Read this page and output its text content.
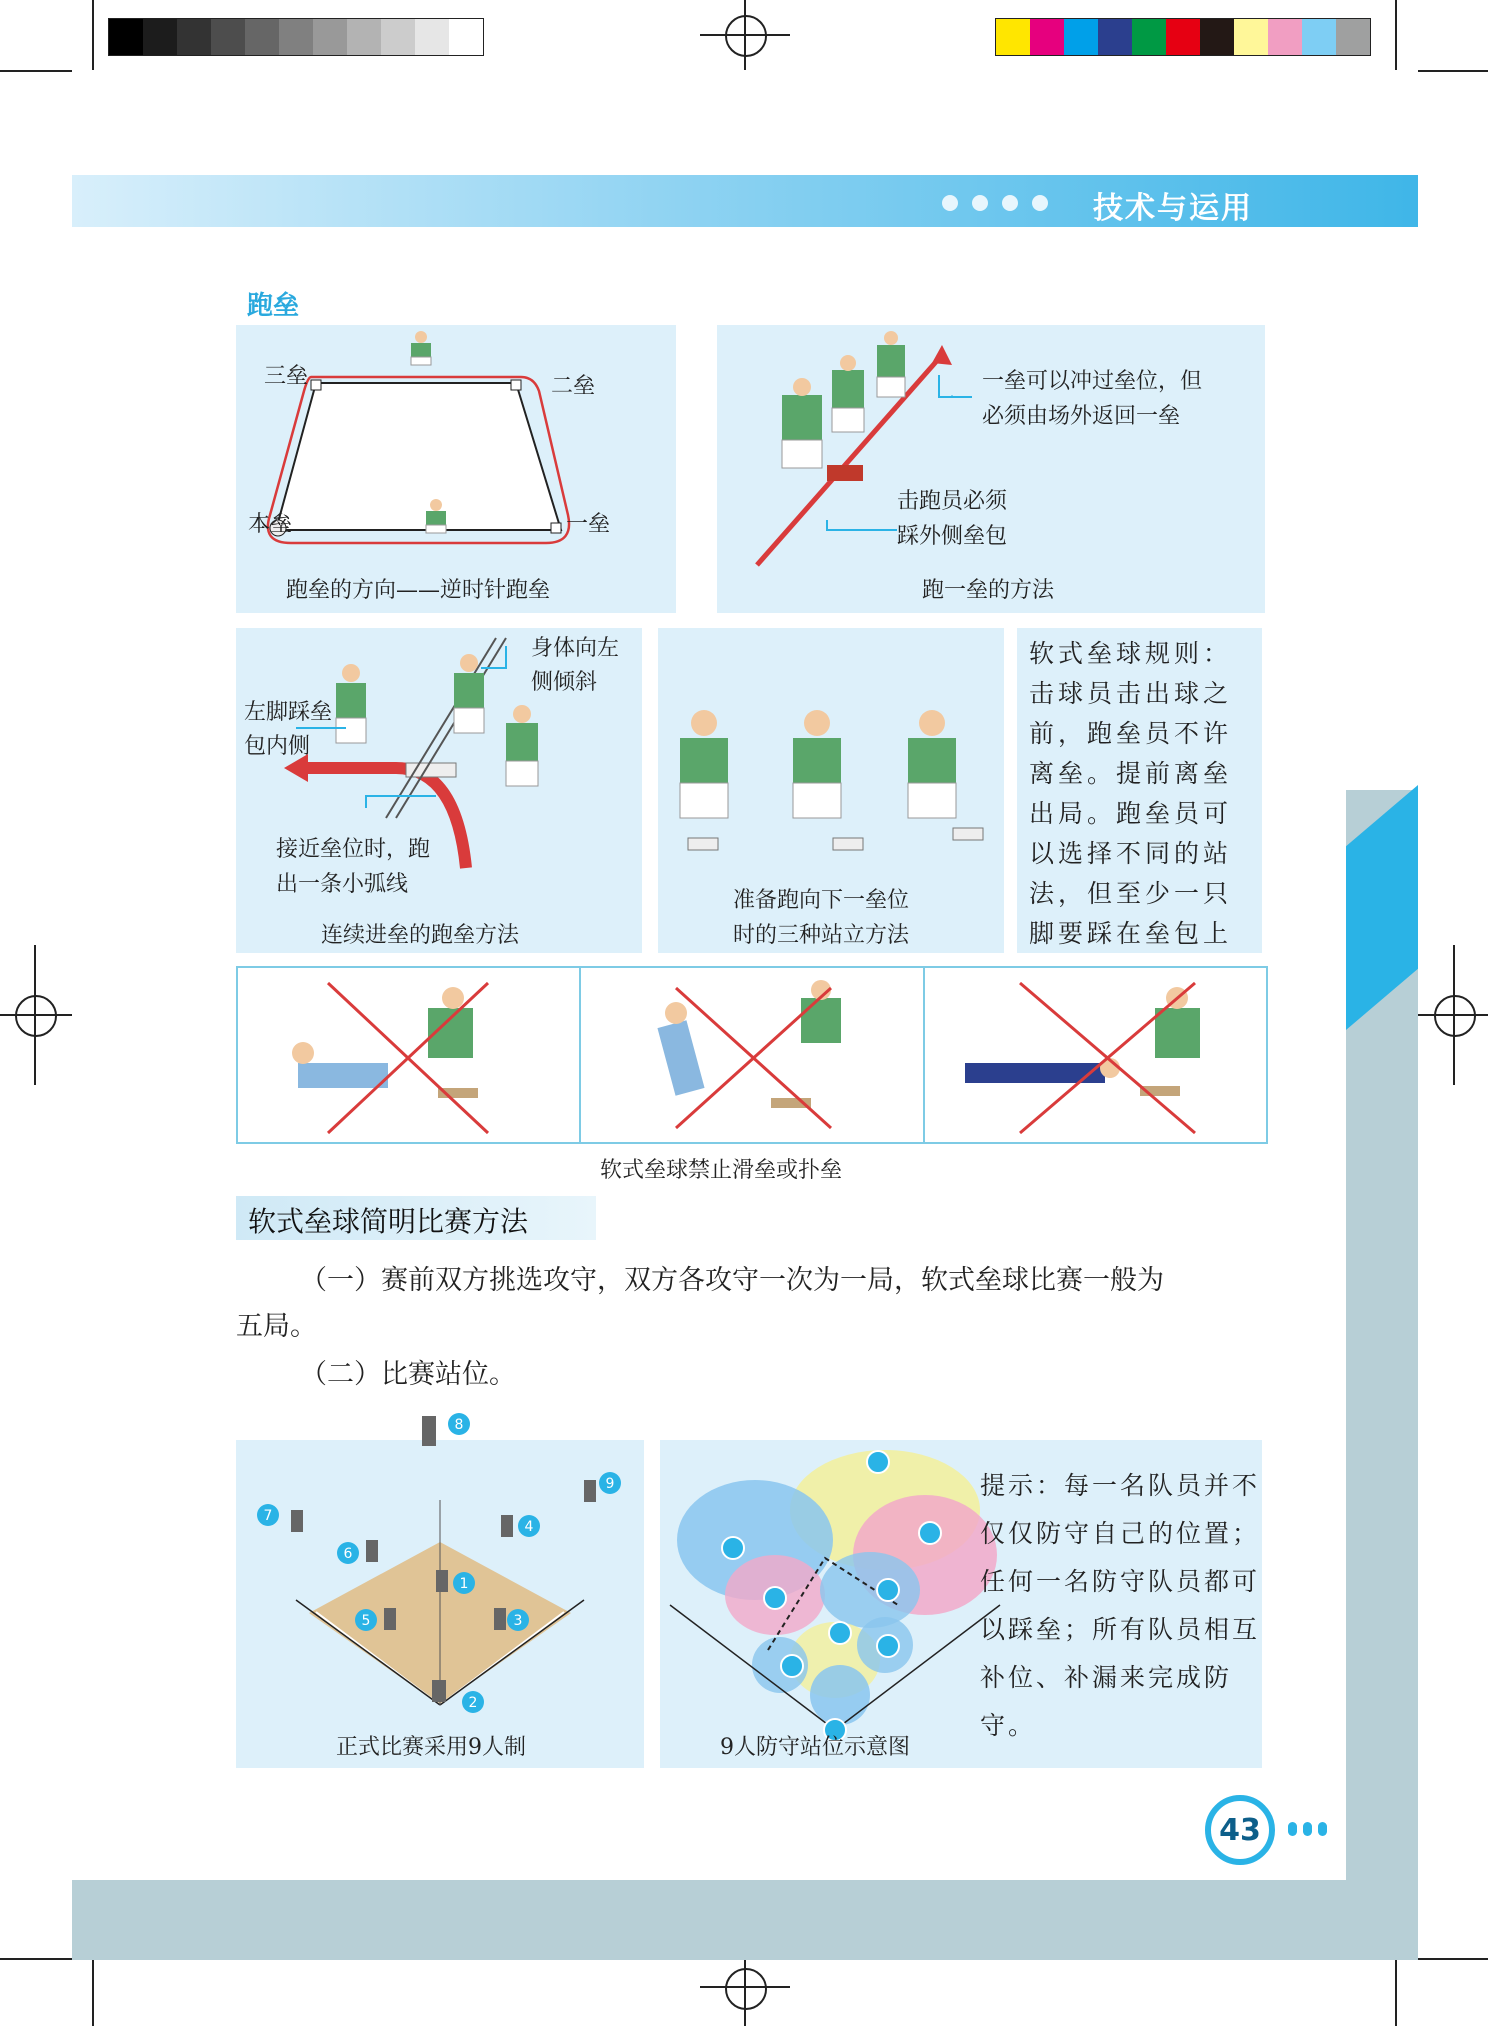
技术与运用
跑垒
三垒	二垒
本垒	一垒
跑垒的方向——逆时针跑垒
一垒可以冲过垒位，但
必须由场外返回一垒
击跑员必须
踩外侧垒包
跑一垒的方法
身体向左
侧倾斜
左脚踩垒
包内侧
接近垒位时，跑
出一条小弧线
连续进垒的跑垒方法
准备跑向下一垒位
时的三种站立方法

软式垒球规则：
击球员击出球之
前，跑垒员不许
离垒。提前离垒
出局。跑垒员可
以选择不同的站
法，但至少一只
脚要踩在垒包上

软式垒球禁止滑垒或扑垒
软式垒球简明比赛方法
（一）赛前双方挑选攻守，双方各攻守一次为一局，软式垒球比赛一般为
五局。
（二）比赛站位。
1
2
3
4
5
6
7
9
正式比赛采用9人制
8
9人防守站位示意图
提示：每一名队员并不仅仅防守自己的位置；任何一名防守队员都可以踩垒；所有队员相互补位、补漏来完成防守。
43
